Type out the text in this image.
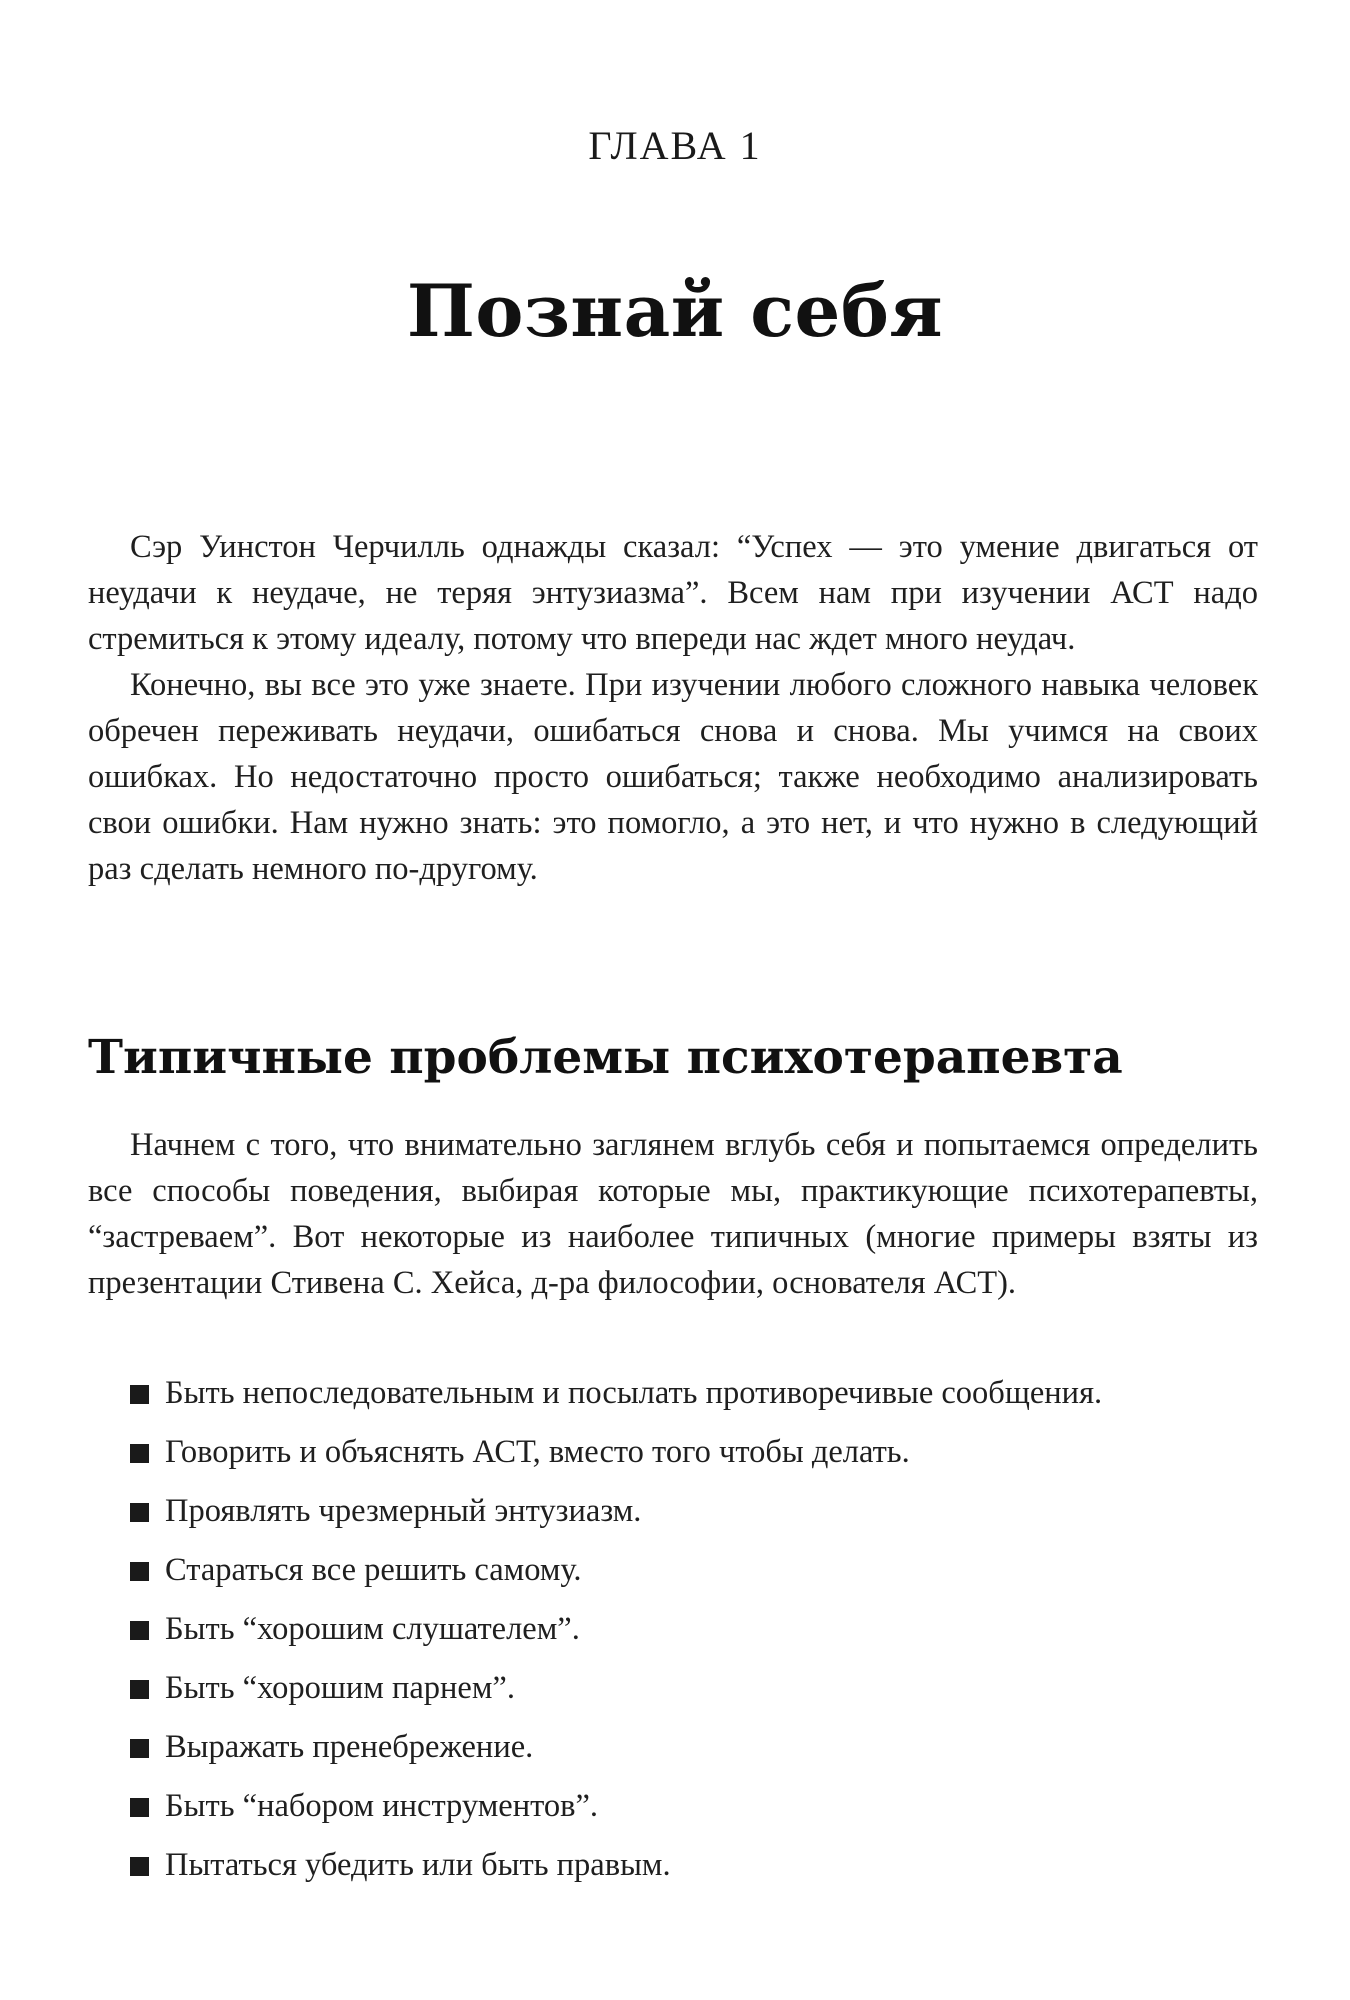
ГЛАВА 1

Познай себя

Сэр Уинстон Черчилль однажды сказал: “Успех — это умение двигаться от неудачи к неудаче, не теряя энтузиазма”. Всем нам при изучении АСТ надо стремиться к этому идеалу, потому что впереди нас ждет много неудач.

Конечно, вы все это уже знаете. При изучении любого сложного навыка человек обречен переживать неудачи, ошибаться снова и снова. Мы учимся на своих ошибках. Но недостаточно просто ошибаться; также необходимо анализировать свои ошибки. Нам нужно знать: это помогло, а это нет, и что нужно в следующий раз сделать немного по-другому.

Типичные проблемы психотерапевта

Начнем с того, что внимательно заглянем вглубь себя и попытаемся определить все способы поведения, выбирая которые мы, практикующие психотерапевты, “застреваем”. Вот некоторые из наиболее типичных (многие примеры взяты из презентации Стивена С. Хейса, д-ра философии, основателя АСТ).

Быть непоследовательным и посылать противоречивые сообщения.
Говорить и объяснять АСТ, вместо того чтобы делать.
Проявлять чрезмерный энтузиазм.
Стараться все решить самому.
Быть “хорошим слушателем”.
Быть “хорошим парнем”.
Выражать пренебрежение.
Быть “набором инструментов”.
Пытаться убедить или быть правым.
